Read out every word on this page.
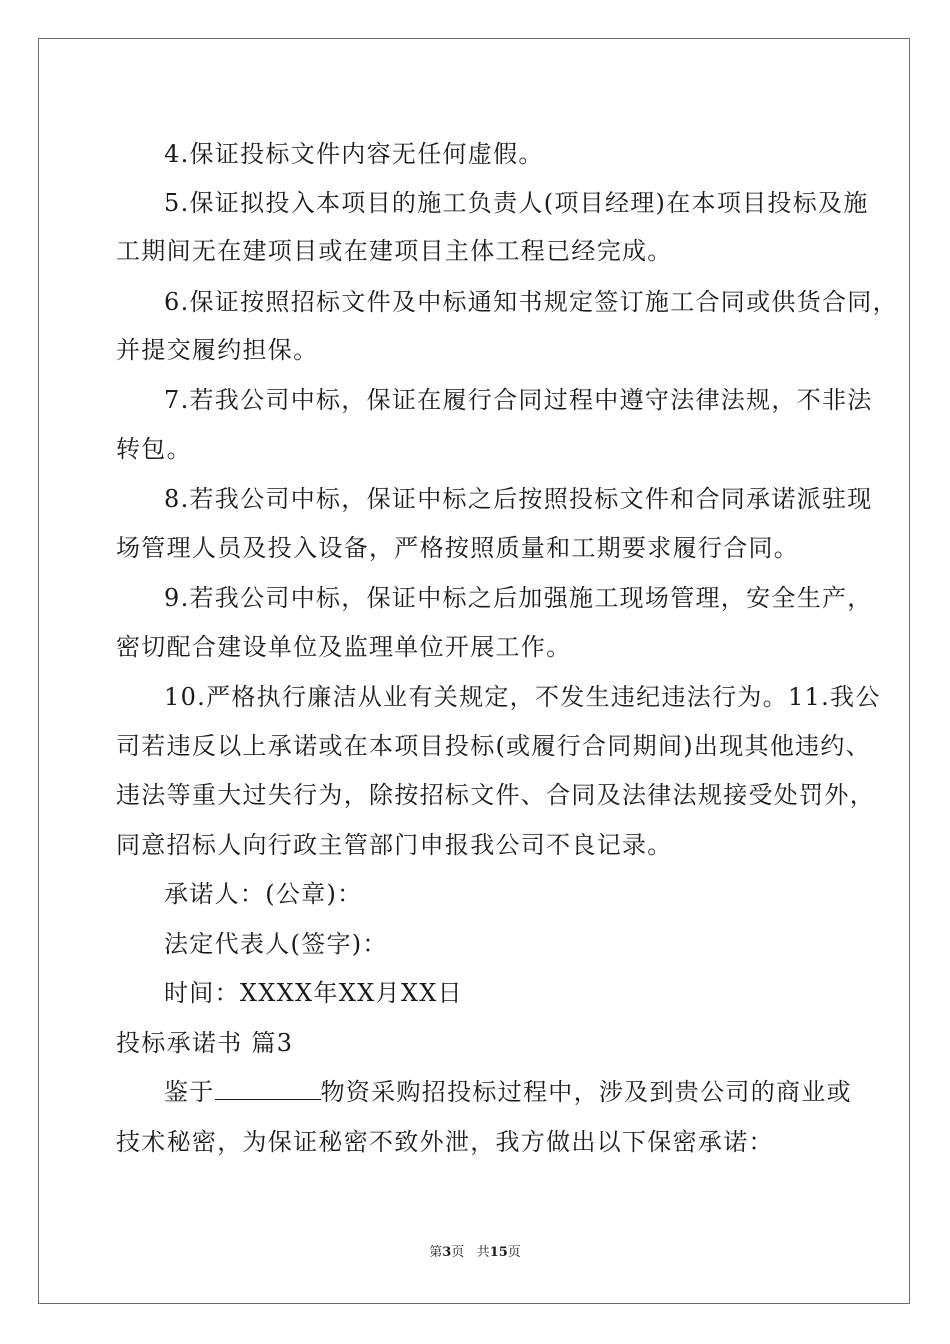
4.保证投标文件内容无任何虚假。
5.保证拟投入本项目的施工负责人(项目经理)在本项目投标及施
工期间无在建项目或在建项目主体工程已经完成。
6.保证按照招标文件及中标通知书规定签订施工合同或供货合同，
并提交履约担保。
7.若我公司中标，保证在履行合同过程中遵守法律法规，不非法
转包。
8.若我公司中标，保证中标之后按照投标文件和合同承诺派驻现
场管理人员及投入设备，严格按照质量和工期要求履行合同。
9.若我公司中标，保证中标之后加强施工现场管理，安全生产，
密切配合建设单位及监理单位开展工作。
10.严格执行廉洁从业有关规定，不发生违纪违法行为。11.我公
司若违反以上承诺或在本项目投标(或履行合同期间)出现其他违约、
违法等重大过失行为，除按招标文件、合同及法律法规接受处罚外，
同意招标人向行政主管部门申报我公司不良记录。
承诺人：(公章)：
法定代表人(签字)：
时间：XXXX年XX月XX日
投标承诺书 篇3
鉴于	物资采购招投标过程中，涉及到贵公司的商业或
技术秘密，为保证秘密不致外泄，我方做出以下保密承诺：
第3页 共15页
